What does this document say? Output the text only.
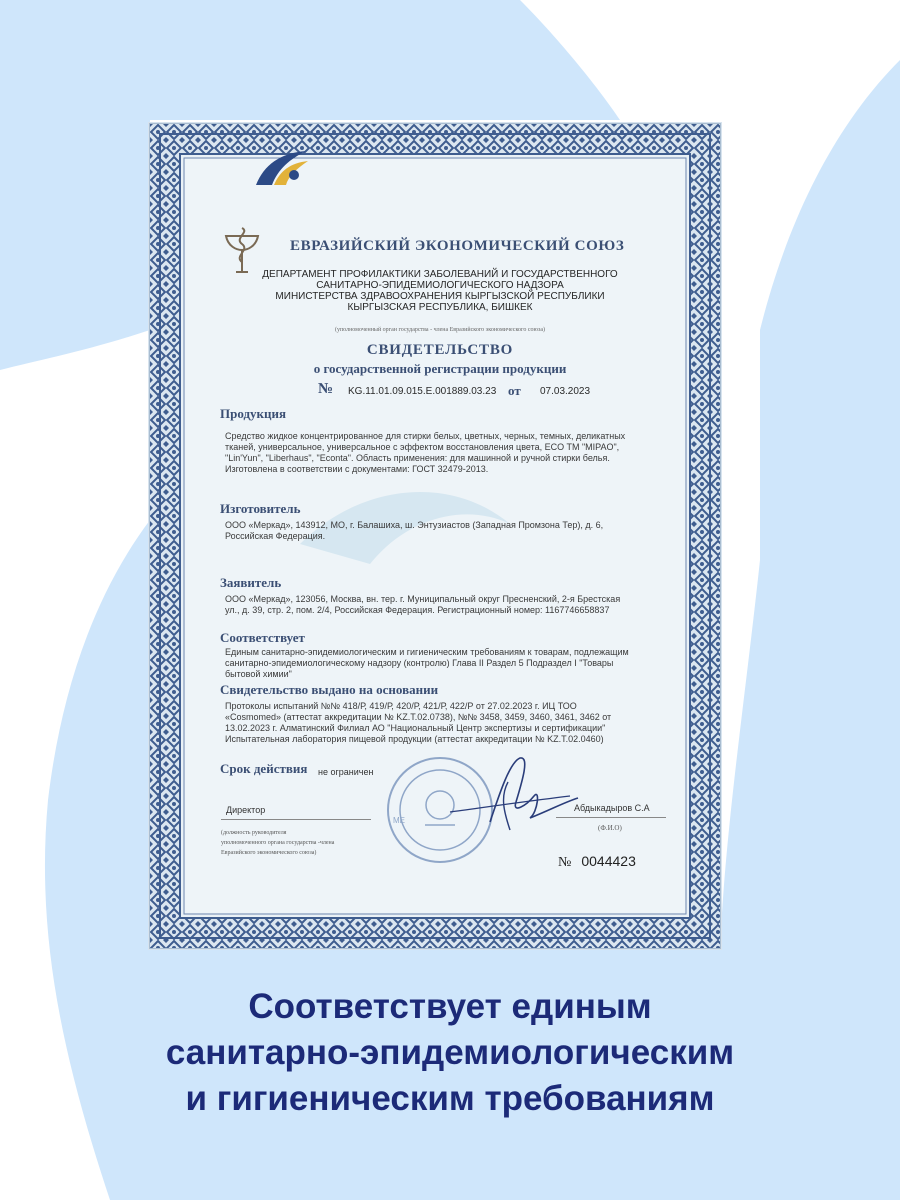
ЕВРАЗИЙСКИЙ ЭКОНОМИЧЕСКИЙ СОЮЗ
ДЕПАРТАМЕНТ ПРОФИЛАКТИКИ ЗАБОЛЕВАНИЙ И ГОСУДАРСТВЕННОГО
САНИТАРНО-ЭПИДЕМИОЛОГИЧЕСКОГО НАДЗОРА
МИНИСТЕРСТВА ЗДРАВООХРАНЕНИЯ КЫРГЫЗСКОЙ РЕСПУБЛИКИ
КЫРГЫЗСКАЯ РЕСПУБЛИКА, БИШКЕК
(уполномоченный орган государства - члена Евразийского экономического союза)
СВИДЕТЕЛЬСТВО
о государственной регистрации продукции
№ KG.11.01.09.015.E.001889.03.23 от 07.03.2023
Продукция
Средство жидкое концентрированное для стирки белых, цветных, черных, темных, деликатных
тканей, универсальное, универсальное с эффектом восстановления цвета, ECO TM "MIPAO",
"Lin'Yun", "Liberhaus", "Econta". Область применения: для машинной и ручной стирки белья.
Изготовлена в соответствии с документами: ГОСТ 32479-2013.
Изготовитель
ООО «Меркад», 143912, МО, г. Балашиха, ш. Энтузиастов (Западная Промзона Тер), д. 6,
Российская Федерация.
Заявитель
ООО «Меркад», 123056, Москва, вн. тер. г. Муниципальный округ Пресненский, 2-я Брестская
ул., д. 39, стр. 2, пом. 2/4, Российская Федерация. Регистрационный номер: 1167746658837
Соответствует
Единым санитарно-эпидемиологическим и гигиеническим требованиям к товарам, подлежащим
санитарно-эпидемиологическому надзору (контролю) Глава II Раздел 5 Подраздел I "Товары
бытовой химии"
Свидетельство выдано на основании
Протоколы испытаний №№ 418/Р, 419/Р, 420/Р, 421/Р, 422/Р от 27.02.2023 г. ИЦ ТОО
«Cosmomed» (аттестат аккредитации № KZ.T.02.0738), №№ 3458, 3459, 3460, 3461, 3462 от
13.02.2023 г. Алматинский Филиал АО "Национальный Центр экспертизы и сертификации"
Испытательная лаборатория пищевой продукции (аттестат аккредитации № KZ.T.02.0460)
Срок действия не ограничен
МЕ
Директор
(должность руководителя
уполномоченного органа государства -члена
Евразийского экономического союза)
Абдыкадыров С.А
(Ф.И.О)
№ 0044423
Соответствует единым
санитарно-эпидемиологическим
и гигиеническим требованиям
